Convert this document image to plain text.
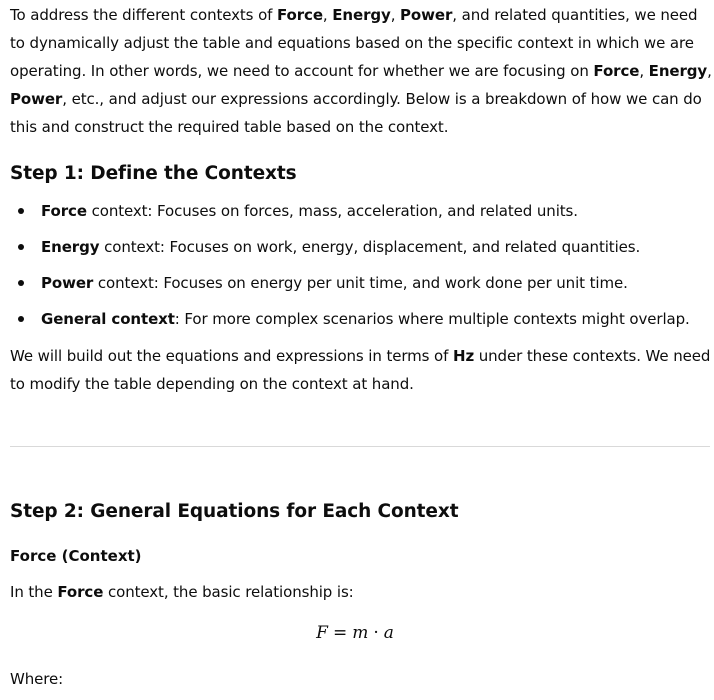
To address the different contexts of Force, Energy, Power, and related quantities, we need to dynamically adjust the table and equations based on the specific context in which we are operating. In other words, we need to account for whether we are focusing on Force, Energy, Power, etc., and adjust our expressions accordingly. Below is a breakdown of how we can do this and construct the required table based on the context.

Step 1: Define the Contexts
Force context: Focuses on forces, mass, acceleration, and related units.
Energy context: Focuses on work, energy, displacement, and related quantities.
Power context: Focuses on energy per unit time, and work done per unit time.
General context: For more complex scenarios where multiple contexts might overlap.

We will build out the equations and expressions in terms of Hz under these contexts. We need to modify the table depending on the context at hand.

Step 2: General Equations for Each Context
Force (Context)

In the Force context, the basic relationship is:

F = m · a

Where:
